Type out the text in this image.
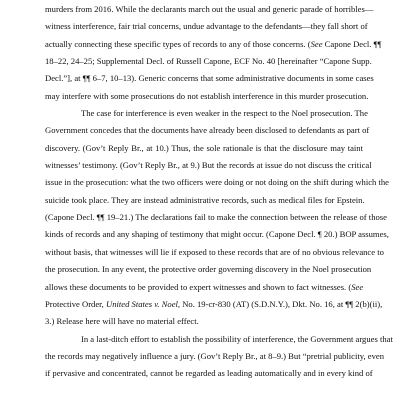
murders from 2016. While the declarants march out the usual and generic parade of horribles—
witness interference, fair trial concerns, undue advantage to the defendants—they fall short of
actually connecting these specific types of records to any of those concerns. (See Capone Decl. ¶¶
18–22, 24–25; Supplemental Decl. of Russell Capone, ECF No. 40 [hereinafter “Capone Supp.
Decl.”], at ¶¶ 6–7, 10–13). Generic concerns that some administrative documents in some cases
may interfere with some prosecutions do not establish interference in this murder prosecution.
The case for interference is even weaker in the respect to the Noel prosecution. The
Government concedes that the documents have already been disclosed to defendants as part of
discovery. (Gov’t Reply Br., at 10.) Thus, the sole rationale is that the disclosure may taint
witnesses’ testimony. (Gov’t Reply Br., at 9.) But the records at issue do not discuss the critical
issue in the prosecution: what the two officers were doing or not doing on the shift during which the
suicide took place. They are instead administrative records, such as medical files for Epstein.
(Capone Decl. ¶¶ 19–21.) The declarations fail to make the connection between the release of those
kinds of records and any shaping of testimony that might occur. (Capone Decl. ¶ 20.) BOP assumes,
without basis, that witnesses will lie if exposed to these records that are of no obvious relevance to
the prosecution. In any event, the protective order governing discovery in the Noel prosecution
allows these documents to be provided to expert witnesses and shown to fact witnesses. (See
Protective Order, United States v. Noel, No. 19-cr-830 (AT) (S.D.N.Y.), Dkt. No. 16, at ¶¶ 2(b)(ii),
3.) Release here will have no material effect.
In a last-ditch effort to establish the possibility of interference, the Government argues that
the records may negatively influence a jury. (Gov’t Reply Br., at 8–9.) But “pretrial publicity, even
if pervasive and concentrated, cannot be regarded as leading automatically and in every kind of
